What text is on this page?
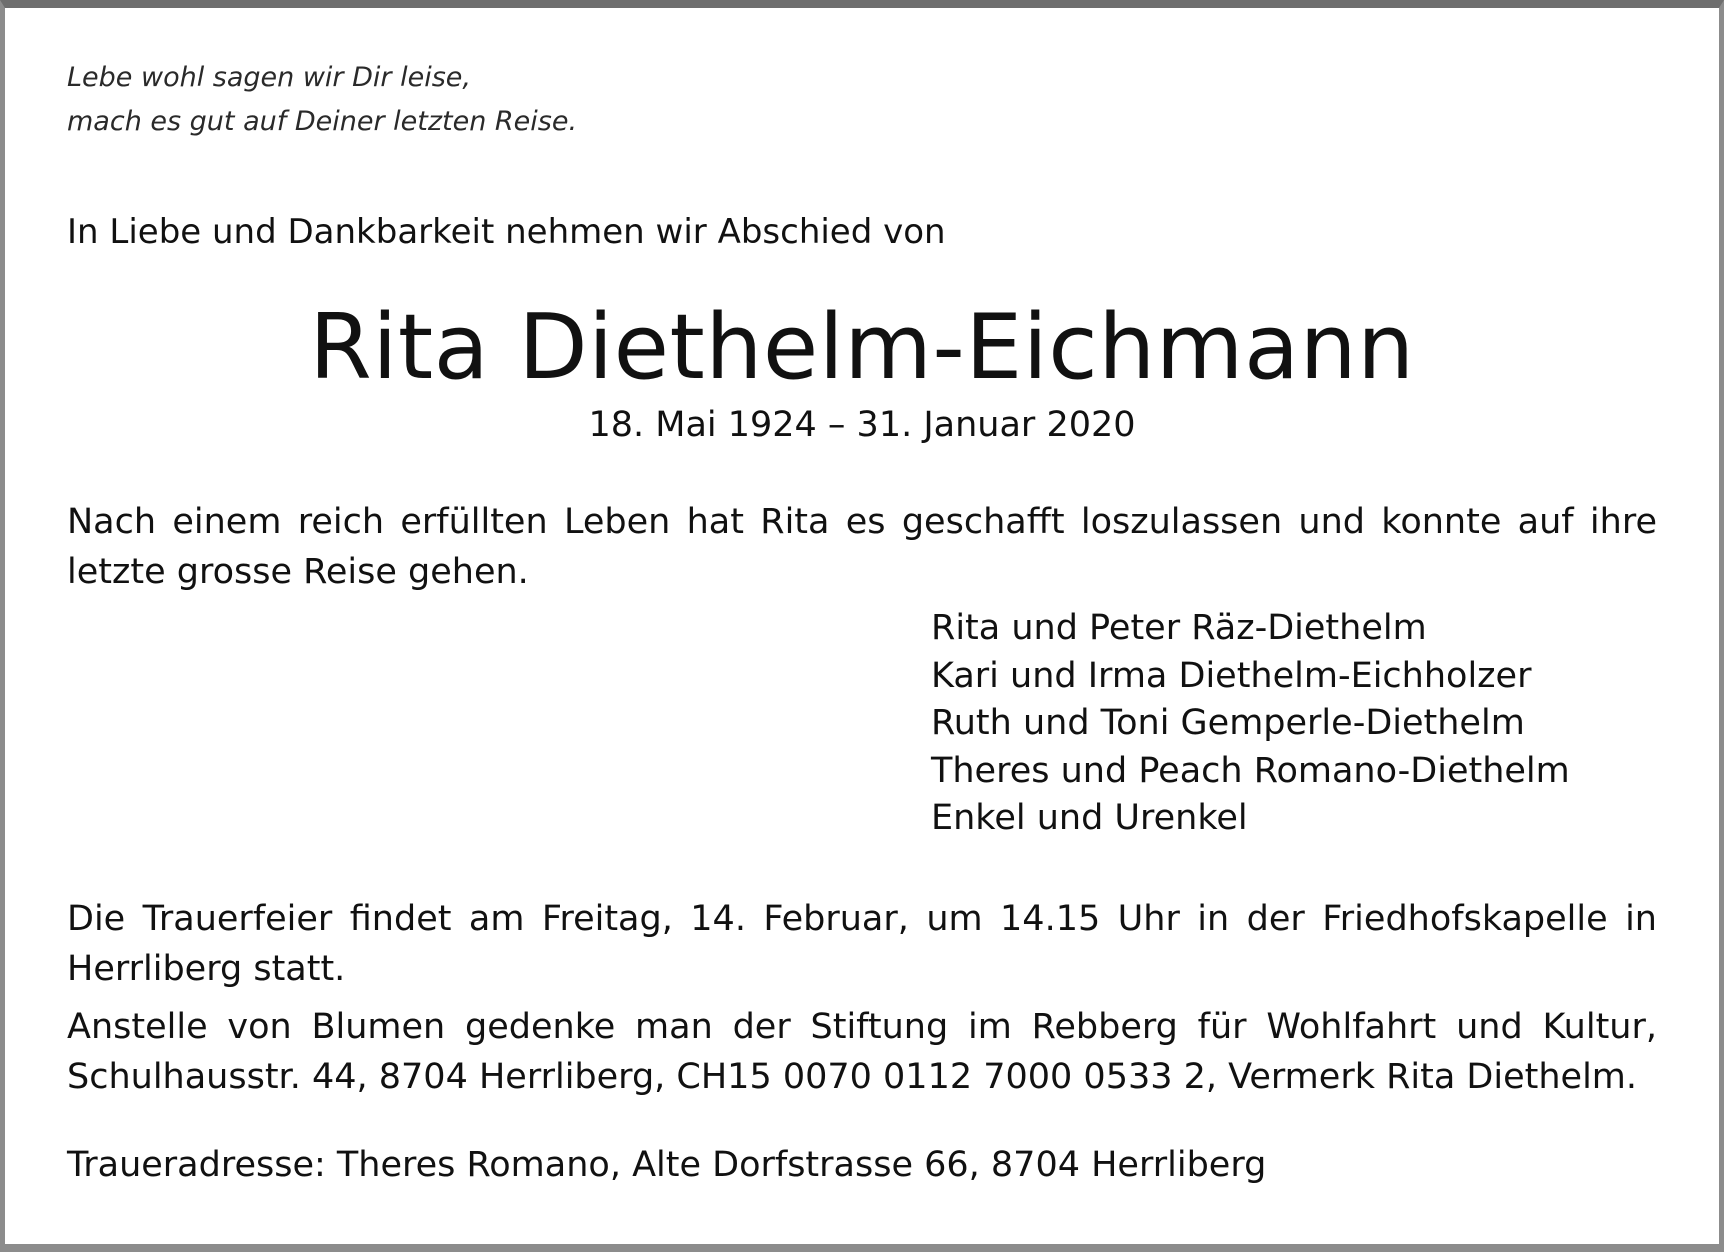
Lebe wohl sagen wir Dir leise,
mach es gut auf Deiner letzten Reise.
In Liebe und Dankbarkeit nehmen wir Abschied von
Rita Diethelm-Eichmann
18. Mai 1924 – 31. Januar 2020
Nach einem reich erfüllten Leben hat Rita es geschafft loszulassen und konnte auf ihre letzte grosse Reise gehen.
Rita und Peter Räz-Diethelm
Kari und Irma Diethelm-Eichholzer
Ruth und Toni Gemperle-Diethelm
Theres und Peach Romano-Diethelm
Enkel und Urenkel
Die Trauerfeier findet am Freitag, 14. Februar, um 14.15 Uhr in der Friedhofskapelle in Herrliberg statt.
Anstelle von Blumen gedenke man der Stiftung im Rebberg für Wohlfahrt und Kultur, Schulhausstr. 44, 8704 Herrliberg, CH15 0070 0112 7000 0533 2, Vermerk Rita Diethelm.
Traueradresse: Theres Romano, Alte Dorfstrasse 66, 8704 Herrliberg
